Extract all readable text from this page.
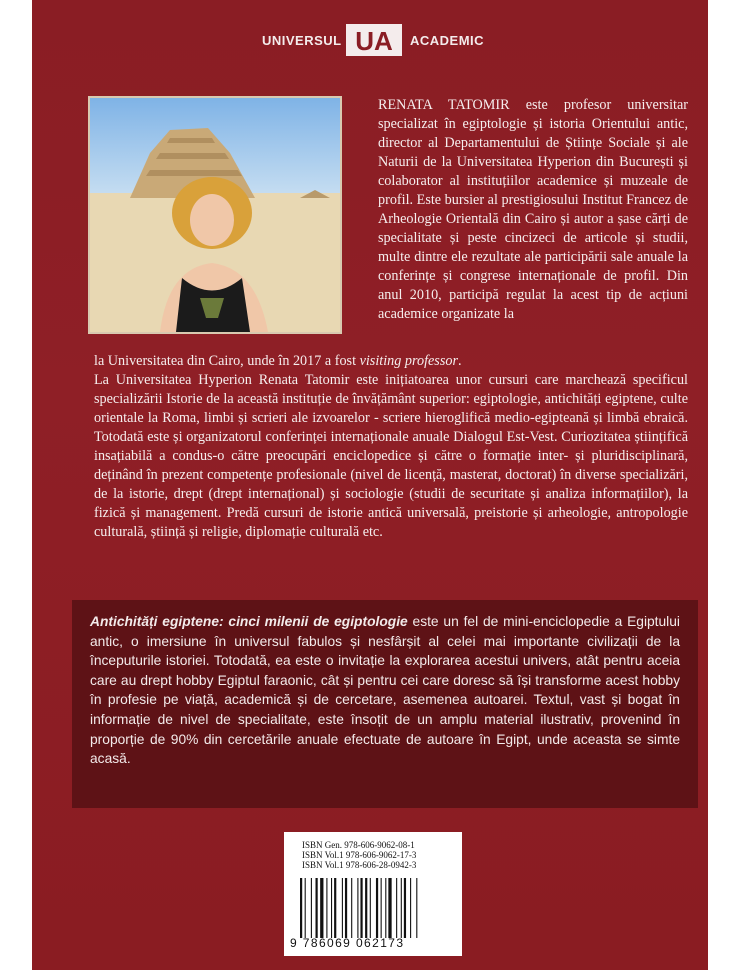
UNIVERSUL UA ACADEMIC
RENATA TATOMIR este profesor universitar specializat în egiptologie și istoria Orientului antic, director al Departamentului de Științe Sociale și ale Naturii de la Universitatea Hyperion din București și colaborator al instituțiilor academice și muzeale de profil. Este bursier al prestigiosului Institut Francez de Arheologie Orientală din Cairo și autor a șase cărți de specialitate și peste cincizeci de articole și studii, multe dintre ele rezultate ale participării sale anuale la conferințe și congrese internaționale de profil. Din anul 2010, participă regulat la acest tip de acțiuni academice organizate la

la Universitatea din Cairo, unde în 2017 a fost visiting professor.

La Universitatea Hyperion Renata Tatomir este inițiatoarea unor cursuri care marchează specificul specializării Istorie de la această instituție de învățământ superior: egiptologie, antichități egiptene, culte orientale la Roma, limbi și scrieri ale izvoarelor - scriere hieroglifică medio-egipteană și limbă ebraică. Totodată este și organizatorul conferinței internaționale anuale Dialogul Est-Vest. Curiozitatea științifică insațiabilă a condus-o către preocupări enciclopedice și către o formație inter- și pluridisciplinară, deținând în prezent competențe profesionale (nivel de licență, masterat, doctorat) în diverse specializări, de la istorie, drept (drept internațional) și sociologie (studii de securitate și analiza informațiilor), la fizică și management. Predă cursuri de istorie antică universală, preistorie și arheologie, antropologie culturală, știință și religie, diplomație culturală etc.

Antichități egiptene: cinci milenii de egiptologie este un fel de mini-enciclopedie a Egiptului antic, o imersiune în universul fabulos și nesfârșit al celei mai importante civilizații de la începuturile istoriei. Totodată, ea este o invitație la explorarea acestui univers, atât pentru aceia care au drept hobby Egiptul faraonic, cât și pentru cei care doresc să își transforme acest hobby în profesie pe viață, academică și de cercetare, asemenea autoarei. Textul, vast și bogat în informație de nivel de specialitate, este însoțit de un amplu material ilustrativ, provenind în proporție de 90% din cercetările anuale efectuate de autoare în Egipt, unde aceasta se simte acasă.
ISBN Gen. 978-606-9062-08-1
ISBN Vol.1 978-606-9062-17-3
ISBN Vol.1 978-606-28-0942-3
9 786069 062173
